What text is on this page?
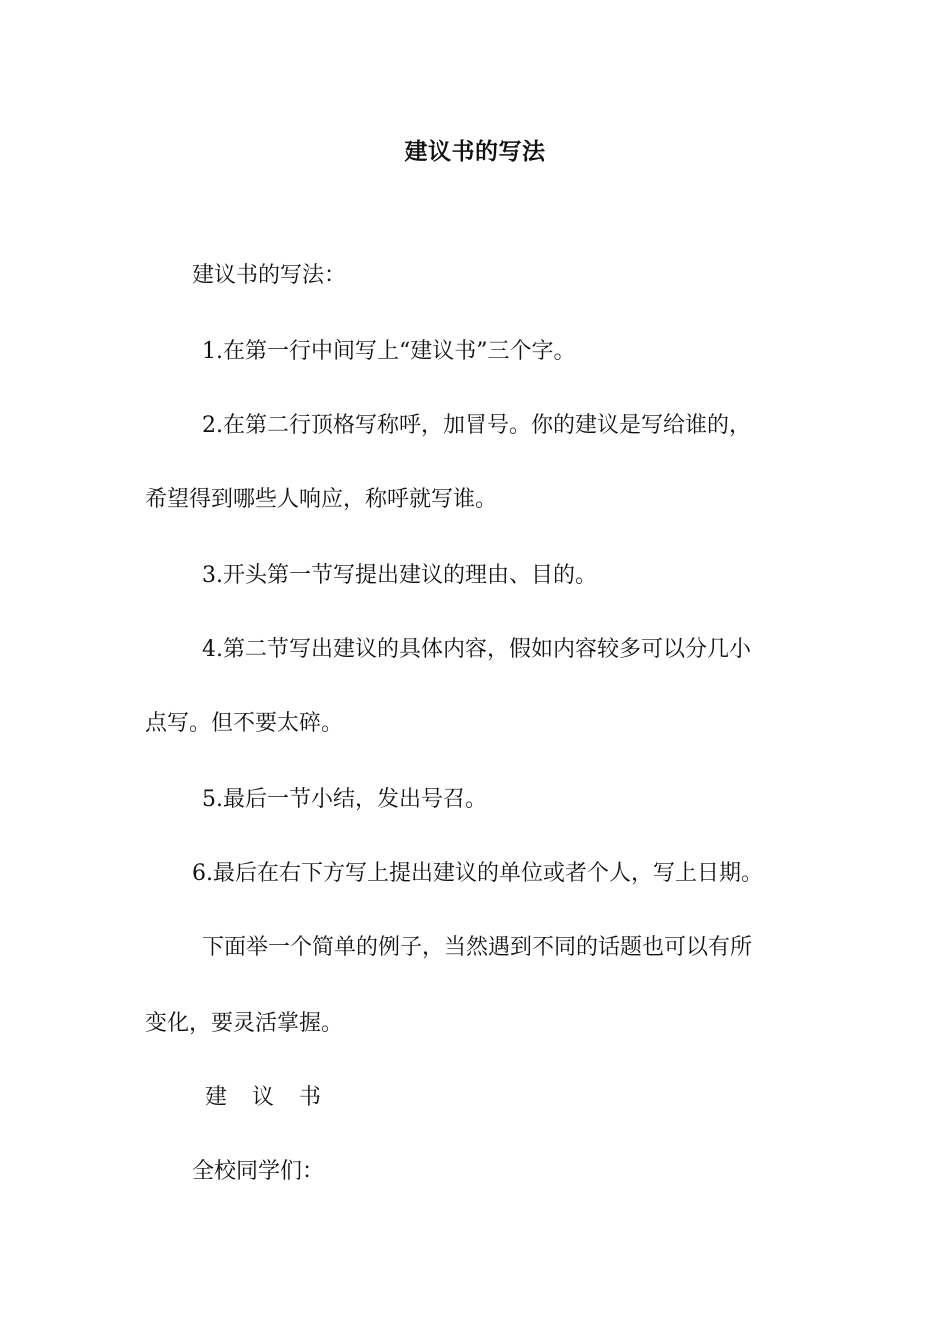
建议书的写法
建议书的写法：
1.在第一行中间写上“建议书”三个字。
2.在第二行顶格写称呼，加冒号。你的建议是写给谁的，
希望得到哪些人响应，称呼就写谁。
3.开头第一节写提出建议的理由、目的。
4.第二节写出建议的具体内容，假如内容较多可以分几小
点写。但不要太碎。
5.最后一节小结，发出号召。
6.最后在右下方写上提出建议的单位或者个人，写上日期。
下面举一个简单的例子，当然遇到不同的话题也可以有所
变化，要灵活掌握。
建 议 书
全校同学们：
